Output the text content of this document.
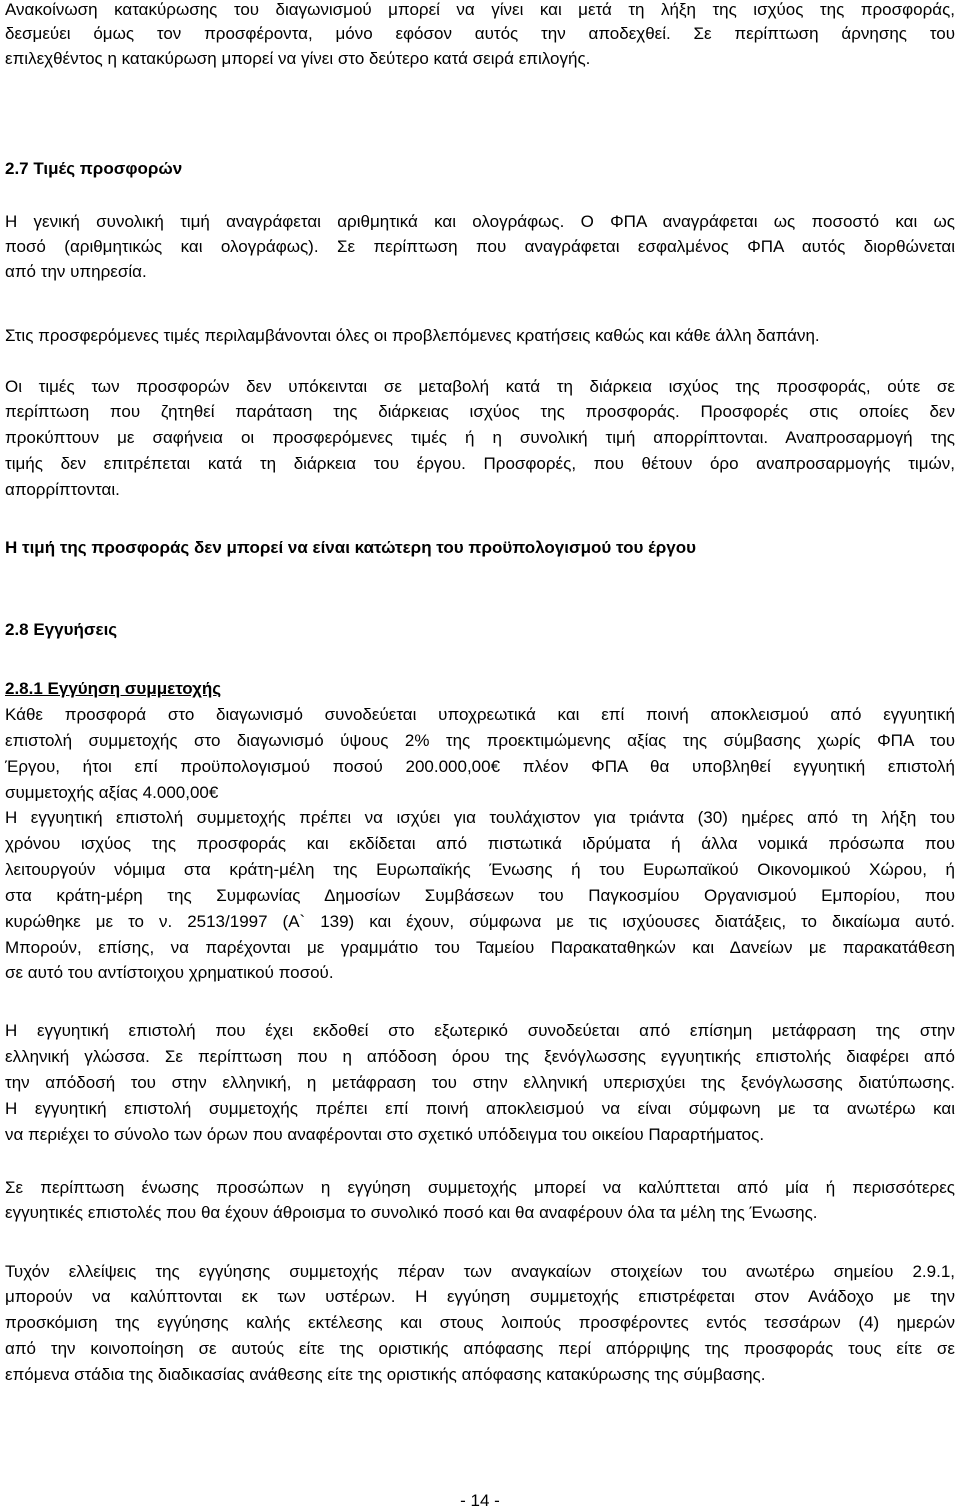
Ανακοίνωση κατακύρωσης του διαγωνισμού μπορεί να γίνει και μετά τη λήξη της ισχύος της προσφοράς,
δεσμεύει όμως τον προσφέροντα, μόνο εφόσον αυτός την αποδεχθεί. Σε περίπτωση άρνησης του
επιλεχθέντος η κατακύρωση μπορεί να γίνει στο δεύτερο κατά σειρά επιλογής.
2.7 Τιμές προσφορών
Η γενική συνολική τιμή αναγράφεται αριθμητικά και ολογράφως. Ο ΦΠΑ αναγράφεται ως ποσοστό και ως
ποσό (αριθμητικώς και ολογράφως). Σε περίπτωση που αναγράφεται εσφαλμένος ΦΠΑ αυτός διορθώνεται
από την υπηρεσία.
Στις προσφερόμενες τιμές περιλαμβάνονται όλες οι προβλεπόμενες κρατήσεις καθώς και κάθε άλλη δαπάνη.
Οι τιμές των προσφορών δεν υπόκεινται σε μεταβολή κατά τη διάρκεια ισχύος της προσφοράς, ούτε σε
περίπτωση που ζητηθεί παράταση της διάρκειας ισχύος της προσφοράς. Προσφορές στις οποίες δεν
προκύπτουν με σαφήνεια οι προσφερόμενες τιμές ή η συνολική τιμή απορρίπτονται. Αναπροσαρμογή της
τιμής δεν επιτρέπεται κατά τη διάρκεια του έργου. Προσφορές, που θέτουν όρο αναπροσαρμογής τιμών,
απορρίπτονται.
Η τιμή της προσφοράς δεν μπορεί να είναι κατώτερη του προϋπολογισμού του έργου
2.8 Εγγυήσεις
2.8.1 Εγγύηση συμμετοχής
Κάθε προσφορά στο διαγωνισμό συνοδεύεται υποχρεωτικά και επί ποινή αποκλεισμού από εγγυητική
επιστολή συμμετοχής στο διαγωνισμό ύψους 2% της προεκτιμώμενης αξίας της σύμβασης χωρίς ΦΠΑ του
Έργου, ήτοι επί προϋπολογισμού ποσού 200.000,00€ πλέον ΦΠΑ θα υποβληθεί εγγυητική επιστολή
συμμετοχής αξίας 4.000,00€
Η εγγυητική επιστολή συμμετοχής πρέπει να ισχύει για τουλάχιστον για τριάντα (30) ημέρες από τη λήξη του
χρόνου ισχύος της προσφοράς και εκδίδεται από πιστωτικά ιδρύματα ή άλλα νομικά πρόσωπα που
λειτουργούν νόμιμα στα κράτη-μέλη της Ευρωπαϊκής Ένωσης ή του Ευρωπαϊκού Οικονομικού Χώρου, ή
στα κράτη-μέρη της Συμφωνίας Δημοσίων Συμβάσεων του Παγκοσμίου Οργανισμού Εμπορίου, που
κυρώθηκε με το ν. 2513/1997 (Α` 139) και έχουν, σύμφωνα με τις ισχύουσες διατάξεις, το δικαίωμα αυτό.
Μπορούν, επίσης, να παρέχονται με γραμμάτιο του Ταμείου Παρακαταθηκών και Δανείων με παρακατάθεση
σε αυτό του αντίστοιχου χρηματικού ποσού.
Η εγγυητική επιστολή που έχει εκδοθεί στο εξωτερικό συνοδεύεται από επίσημη μετάφραση της στην
ελληνική γλώσσα. Σε περίπτωση που η απόδοση όρου της ξενόγλωσσης εγγυητικής επιστολής διαφέρει από
την απόδοσή του στην ελληνική, η μετάφραση του στην ελληνική υπερισχύει της ξενόγλωσσης διατύπωσης.
Η εγγυητική επιστολή συμμετοχής πρέπει επί ποινή αποκλεισμού να είναι σύμφωνη με τα ανωτέρω και
να περιέχει το σύνολο των όρων που αναφέρονται στο σχετικό υπόδειγμα του οικείου Παραρτήματος.
Σε περίπτωση ένωσης προσώπων η εγγύηση συμμετοχής μπορεί να καλύπτεται από μία ή περισσότερες
εγγυητικές επιστολές που θα έχουν άθροισμα το συνολικό ποσό και θα αναφέρουν όλα τα μέλη της Ένωσης.
Τυχόν ελλείψεις της εγγύησης συμμετοχής πέραν των αναγκαίων στοιχείων του ανωτέρω σημείου 2.9.1,
μπορούν να καλύπτονται εκ των υστέρων. Η εγγύηση συμμετοχής επιστρέφεται στον Ανάδοχο με την
προσκόμιση της εγγύησης καλής εκτέλεσης και στους λοιπούς προσφέροντες εντός τεσσάρων (4) ημερών
από την κοινοποίηση σε αυτούς είτε της οριστικής απόφασης περί απόρριψης της προσφοράς τους είτε σε
επόμενα στάδια της διαδικασίας ανάθεσης είτε της οριστικής απόφασης κατακύρωσης της σύμβασης.
- 14 -
